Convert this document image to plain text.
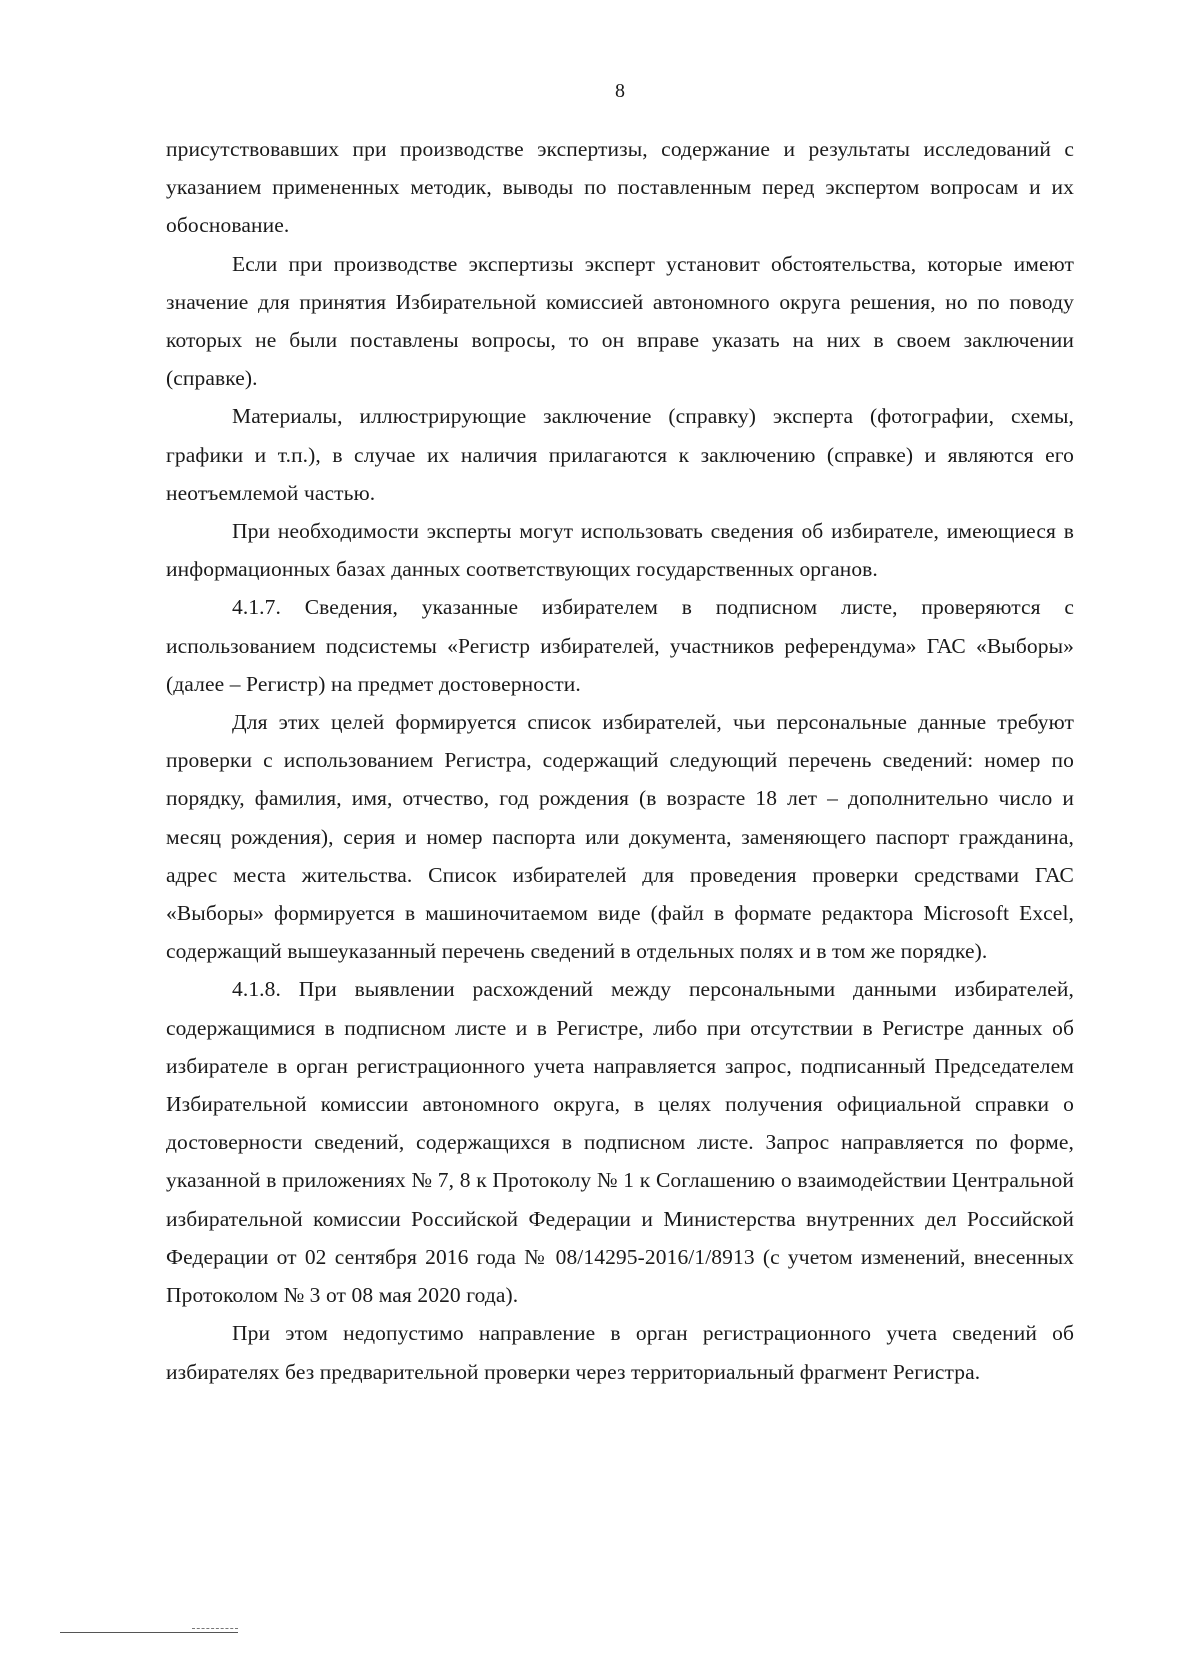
8

присутствовавших при производстве экспертизы, содержание и результаты исследований с указанием примененных методик, выводы по поставленным перед экспертом вопросам и их обоснование.

Если при производстве экспертизы эксперт установит обстоятельства, которые имеют значение для принятия Избирательной комиссией автономного округа решения, но по поводу которых не были поставлены вопросы, то он вправе указать на них в своем заключении (справке).

Материалы, иллюстрирующие заключение (справку) эксперта (фотографии, схемы, графики и т.п.), в случае их наличия прилагаются к заключению (справке) и являются его неотъемлемой частью.

При необходимости эксперты могут использовать сведения об избирателе, имеющиеся в информационных базах данных соответствующих государственных органов.

4.1.7. Сведения, указанные избирателем в подписном листе, проверяются с использованием подсистемы «Регистр избирателей, участников референдума» ГАС «Выборы» (далее – Регистр) на предмет достоверности.

Для этих целей формируется список избирателей, чьи персональные данные требуют проверки с использованием Регистра, содержащий следующий перечень сведений: номер по порядку, фамилия, имя, отчество, год рождения (в возрасте 18 лет – дополнительно число и месяц рождения), серия и номер паспорта или документа, заменяющего паспорт гражданина, адрес места жительства. Список избирателей для проведения проверки средствами ГАС «Выборы» формируется в машиночитаемом виде (файл в формате редактора Microsoft Excel, содержащий вышеуказанный перечень сведений в отдельных полях и в том же порядке).

4.1.8. При выявлении расхождений между персональными данными избирателей, содержащимися в подписном листе и в Регистре, либо при отсутствии в Регистре данных об избирателе в орган регистрационного учета направляется запрос, подписанный Председателем Избирательной комиссии автономного округа, в целях получения официальной справки о достоверности сведений, содержащихся в подписном листе. Запрос направляется по форме, указанной в приложениях № 7, 8 к Протоколу № 1 к Соглашению о взаимодействии Центральной избирательной комиссии Российской Федерации и Министерства внутренних дел Российской Федерации от 02 сентября 2016 года № 08/14295-2016/1/8913 (с учетом изменений, внесенных Протоколом № 3 от 08 мая 2020 года).

При этом недопустимо направление в орган регистрационного учета сведений об избирателях без предварительной проверки через территориальный фрагмент Регистра.
